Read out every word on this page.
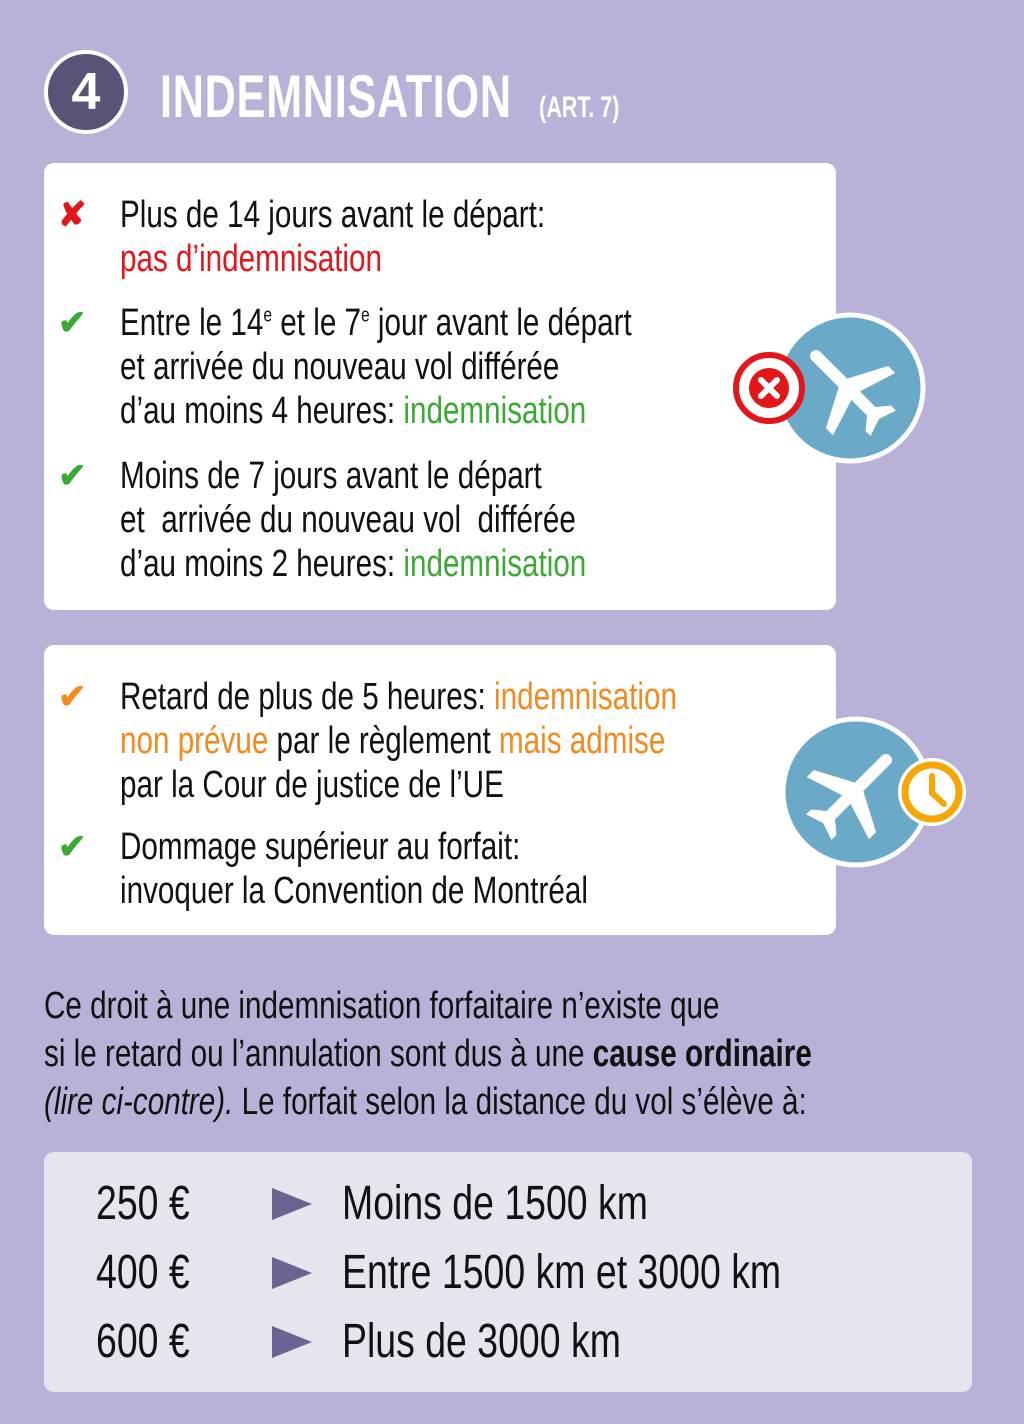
4 INDEMNISATION (ART. 7)
✘ Plus de 14 jours avant le départ:
pas d’indemnisation
✔ Entre le 14e et le 7e jour avant le départ
et arrivée du nouveau vol différée
d’au moins 4 heures: indemnisation
✔ Moins de 7 jours avant le départ
et  arrivée du nouveau vol  différée
d’au moins 2 heures: indemnisation
✔ Retard de plus de 5 heures: indemnisation
non prévue par le règlement mais admise
par la Cour de justice de l’UE
✔ Dommage supérieur au forfait:
invoquer la Convention de Montréal
Ce droit à une indemnisation forfaitaire n’existe que
si le retard ou l’annulation sont dus à une cause ordinaire
(lire ci-contre). Le forfait selon la distance du vol s’élève à:
250 €	Moins de 1500 km
400 €	Entre 1500 km et 3000 km
600 €	Plus de 3000 km
